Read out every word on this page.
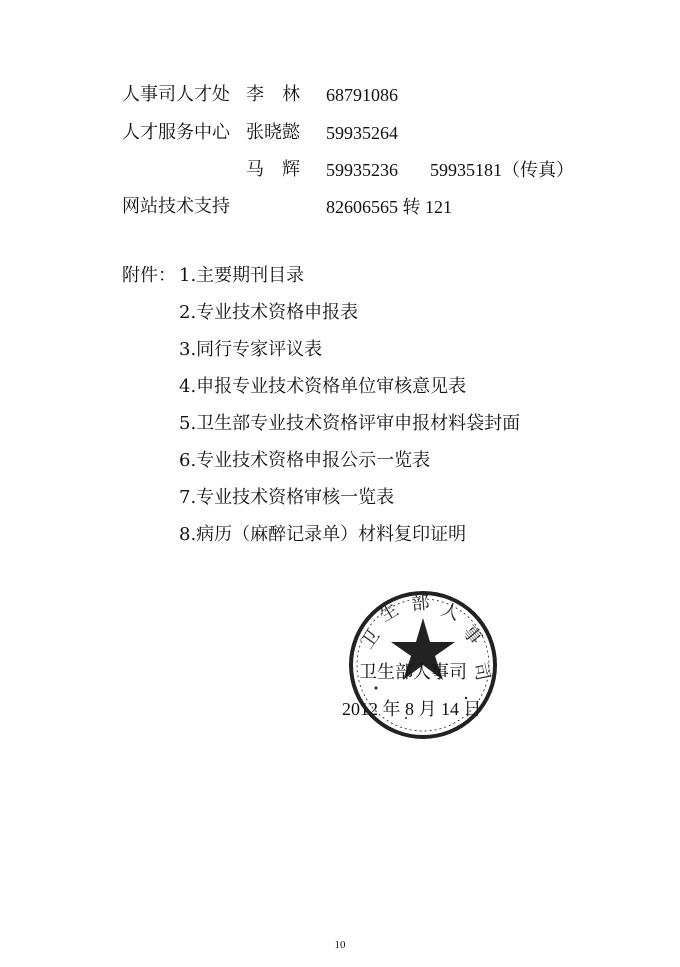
人事司人才处 李　林 68791086
人才服务中心 张晓懿 59935264
马　辉 59935236 59935181（传真）
网站技术支持	82606565 转 121
附件： 1.主要期刊目录
2.专业技术资格申报表
3.同行专家评议表
4.申报专业技术资格单位审核意见表
5.卫生部专业技术资格评审申报材料袋封面
6.专业技术资格申报公示一览表
7.专业技术资格审核一览表
8.病历（麻醉记录单）材料复印证明
卫
生 部 人
事
司
卫生部人事司
2012 年 8 月 14 日
10
